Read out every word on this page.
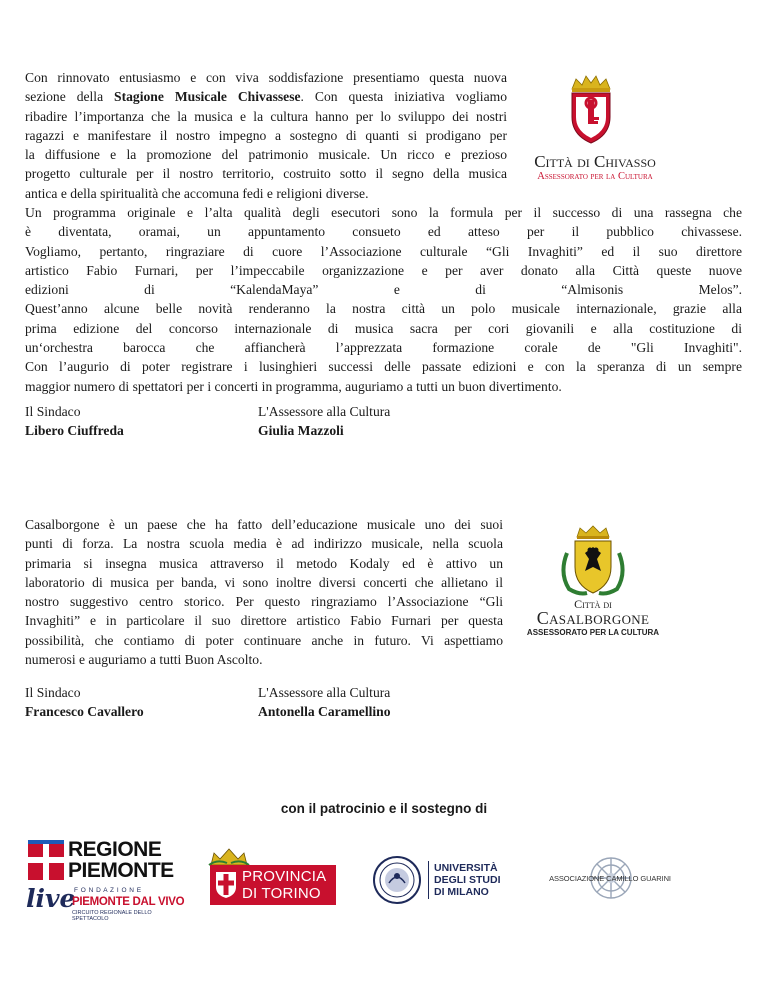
Con rinnovato entusiasmo e con viva soddisfazione presentiamo questa nuova
sezione della Stagione Musicale Chivassese. Con questa iniziativa vogliamo
ribadire l’importanza che la musica e la cultura hanno per lo sviluppo dei nostri
ragazzi e manifestare il nostro impegno a sostegno di quanti si prodigano per
la diffusione e la promozione del patrimonio musicale. Un ricco e prezioso
progetto culturale per il nostro territorio, costruito sotto il segno della musica
antica e della spiritualità che accomuna fedi e religioni diverse.
Città di Chivasso
Assessorato per la Cultura
Un programma originale e l’alta qualità degli esecutori sono la formula per il successo di una rassegna che
è diventata, oramai, un appuntamento consueto ed atteso per il pubblico chivassese.
Vogliamo, pertanto, ringraziare di cuore l’Associazione culturale “Gli Invaghiti” ed il suo direttore
artistico Fabio Furnari, per l’impeccabile organizzazione e per aver donato alla Città queste nuove
edizioni di “KalendaMaya” e di “Almisonis Melos”.
Quest’anno alcune belle novità renderanno la nostra città un polo musicale internazionale, grazie alla
prima edizione del concorso internazionale di musica sacra per cori giovanili e alla costituzione di
un‘orchestra barocca che affiancherà l’apprezzata formazione corale de "Gli Invaghiti".
Con l’augurio di poter registrare i lusinghieri successi delle passate edizioni e con la speranza di un sempre
maggior numero di spettatori per i concerti in programma, auguriamo a tutti un buon divertimento.
Il Sindaco
Libero Ciuffreda
L'Assessore alla Cultura
Giulia Mazzoli
Casalborgone è un paese che ha fatto dell’educazione musicale uno dei suoi
punti di forza. La nostra scuola media è ad indirizzo musicale, nella scuola
primaria si insegna musica attraverso il metodo Kodaly ed è attivo un
laboratorio di musica per banda, vi sono inoltre diversi concerti che allietano il
nostro suggestivo centro storico. Per questo ringraziamo l’Associazione “Gli
Invaghiti” e in particolare il suo direttore artistico Fabio Furnari per questa
possibilità, che contiamo di poter continuare anche in futuro. Vi aspettiamo
numerosi e auguriamo a tutti Buon Ascolto.
Città di
Casalborgone
ASSESSORATO PER LA CULTURA
Il Sindaco
Francesco Cavallero
L'Assessore alla Cultura
Antonella Caramellino
con il patrocinio e il sostegno di
REGIONE
PIEMONTE
F O N D A Z I O N E
live
PIEMONTE DAL VIVO
CIRCUITO REGIONALE DELLO SPETTACOLO
PROVINCIA
DI TORINO
UNIVERSITÀ
DEGLI STUDI
DI MILANO
ASSOCIAZIONE CAMILLO GUARINI
